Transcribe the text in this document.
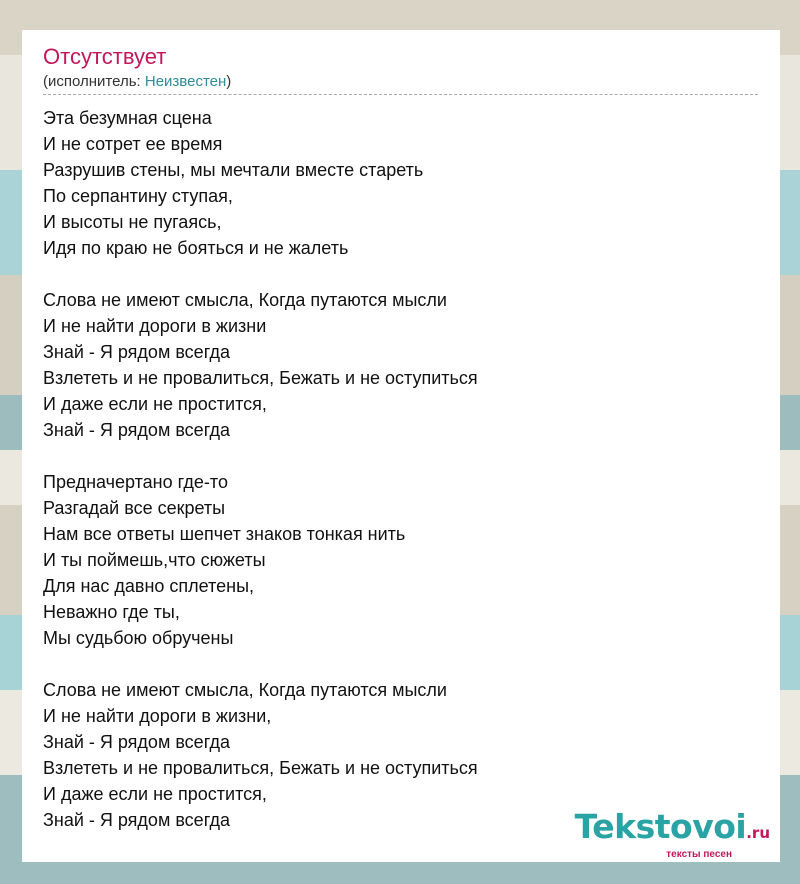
Отсутствует
(исполнитель: Неизвестен)
Эта безумная сцена
И не сотрет ее время
Разрушив стены, мы мечтали вместе стареть
По серпантину ступая,
И высоты не пугаясь,
Идя по краю не бояться и не жалеть
Слова не имеют смысла, Когда путаются мысли
И не найти дороги в жизни
Знай - Я рядом всегда
Взлететь и не провалиться, Бежать и не оступиться
И даже если не простится,
Знай - Я рядом всегда
Предначертано где-то
Разгадай все секреты
Нам все ответы шепчет знаков тонкая нить
И ты поймешь,что сюжеты
Для нас давно сплетены,
Неважно где ты,
Мы судьбою обручены
Слова не имеют смысла, Когда путаются мысли
И не найти дороги в жизни,
Знай - Я рядом всегда
Взлететь и не провалиться, Бежать и не оступиться
И даже если не простится,
Знай - Я рядом всегда	Tekstovoi.ru
тексты песен
